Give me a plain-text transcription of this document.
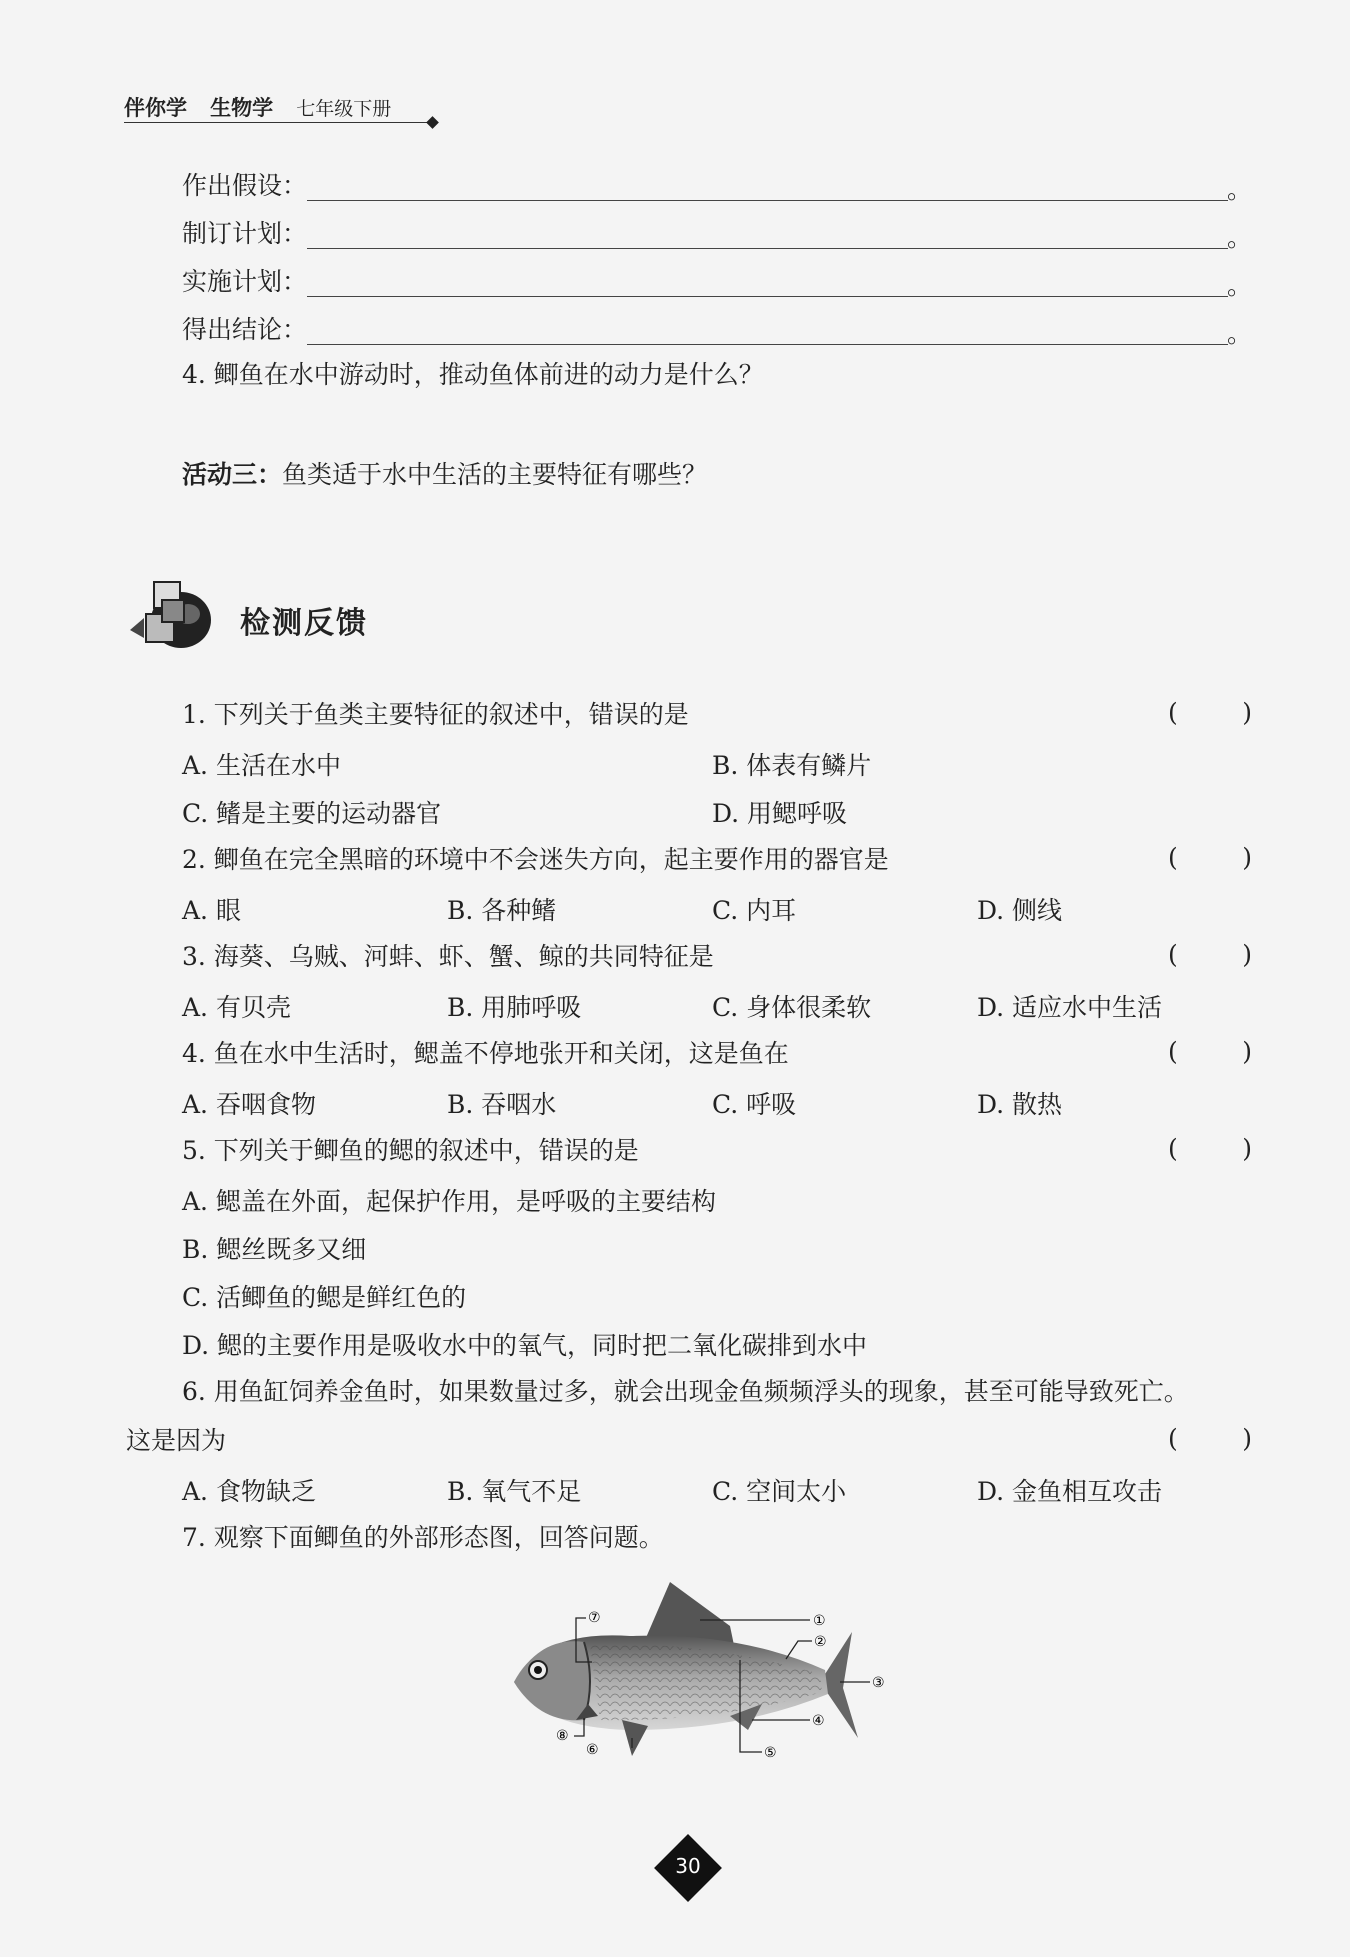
伴你学 生物学 七年级下册
作出假设：	。
制订计划：	。
实施计划：	。
得出结论：	。
4. 鲫鱼在水中游动时，推动鱼体前进的动力是什么？
活动三：鱼类适于水中生活的主要特征有哪些？
检测反馈
1. 下列关于鱼类主要特征的叙述中，错误的是	(	)
A. 生活在水中	B. 体表有鳞片
C. 鳍是主要的运动器官	D. 用鳃呼吸
2. 鲫鱼在完全黑暗的环境中不会迷失方向，起主要作用的器官是	(	)
A. 眼	B. 各种鳍	C. 内耳	D. 侧线
3. 海葵、乌贼、河蚌、虾、蟹、鲸的共同特征是	(	)
A. 有贝壳	B. 用肺呼吸	C. 身体很柔软	D. 适应水中生活
4. 鱼在水中生活时，鳃盖不停地张开和关闭，这是鱼在	(	)
A. 吞咽食物	B. 吞咽水	C. 呼吸	D. 散热
5. 下列关于鲫鱼的鳃的叙述中，错误的是	(	)
A. 鳃盖在外面，起保护作用，是呼吸的主要结构
B. 鳃丝既多又细
C. 活鲫鱼的鳃是鲜红色的
D. 鳃的主要作用是吸收水中的氧气，同时把二氧化碳排到水中
6. 用鱼缸饲养金鱼时，如果数量过多，就会出现金鱼频频浮头的现象，甚至可能导致死亡。
这是因为	(	)
A. 食物缺乏	B. 氧气不足	C. 空间太小	D. 金鱼相互攻击
7. 观察下面鲫鱼的外部形态图，回答问题。
①
②
③
④
⑤
⑥
⑦
⑧
30
